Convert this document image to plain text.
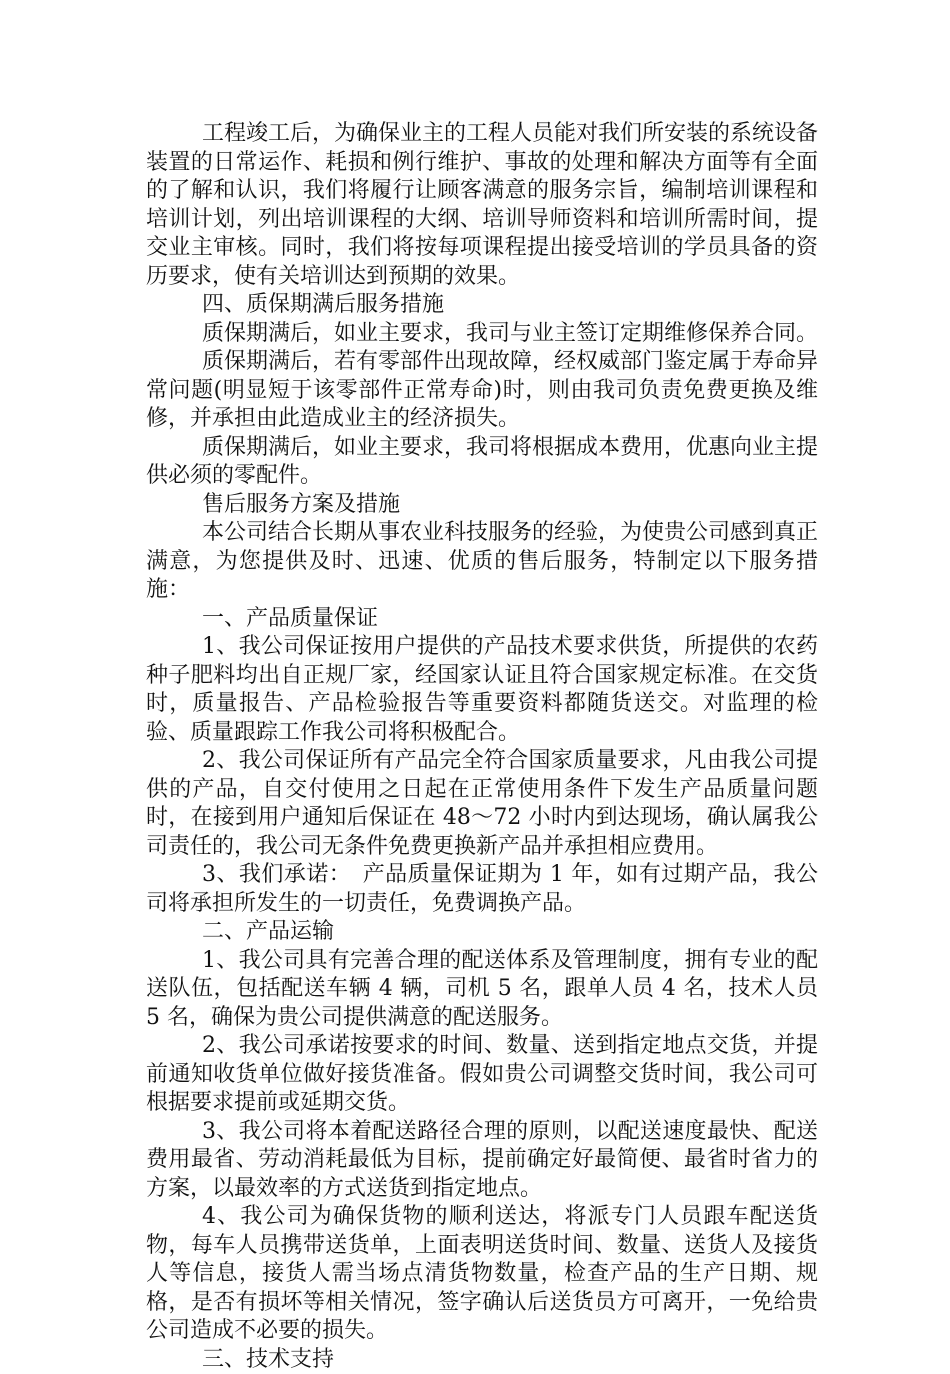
工程竣工后，为确保业主的工程人员能对我们所安装的系统设备装置的日常运作、耗损和例行维护、事故的处理和解决方面等有全面的了解和认识，我们将履行让顾客满意的服务宗旨，编制培训课程和培训计划，列出培训课程的大纲、培训导师资料和培训所需时间，提交业主审核。同时，我们将按每项课程提出接受培训的学员具备的资历要求，使有关培训达到预期的效果。

四、质保期满后服务措施

质保期满后，如业主要求，我司与业主签订定期维修保养合同。

质保期满后，若有零部件出现故障，经权威部门鉴定属于寿命异常问题(明显短于该零部件正常寿命)时，则由我司负责免费更换及维修，并承担由此造成业主的经济损失。

质保期满后，如业主要求，我司将根据成本费用，优惠向业主提供必须的零配件。

售后服务方案及措施

本公司结合长期从事农业科技服务的经验，为使贵公司感到真正满意，为您提供及时、迅速、优质的售后服务，特制定以下服务措施：

一、产品质量保证

1、我公司保证按用户提供的产品技术要求供货，所提供的农药种子肥料均出自正规厂家，经国家认证且符合国家规定标准。在交货时，质量报告、产品检验报告等重要资料都随货送交。对监理的检验、质量跟踪工作我公司将积极配合。

2、我公司保证所有产品完全符合国家质量要求，凡由我公司提供的产品，自交付使用之日起在正常使用条件下发生产品质量问题时，在接到用户通知后保证在 48～72 小时内到达现场，确认属我公司责任的，我公司无条件免费更换新产品并承担相应费用。

3、我们承诺：　产品质量保证期为 1 年，如有过期产品，我公司将承担所发生的一切责任，免费调换产品。

二、产品运输

1、我公司具有完善合理的配送体系及管理制度，拥有专业的配送队伍，包括配送车辆 4 辆，司机 5 名，跟单人员 4 名，技术人员 5 名，确保为贵公司提供满意的配送服务。

2、我公司承诺按要求的时间、数量、送到指定地点交货，并提前通知收货单位做好接货准备。假如贵公司调整交货时间，我公司可根据要求提前或延期交货。

3、我公司将本着配送路径合理的原则，以配送速度最快、配送费用最省、劳动消耗最低为目标，提前确定好最简便、最省时省力的方案，以最效率的方式送货到指定地点。

4、我公司为确保货物的顺利送达，将派专门人员跟车配送货物，每车人员携带送货单，上面表明送货时间、数量、送货人及接货人等信息，接货人需当场点清货物数量，检查产品的生产日期、规格，是否有损坏等相关情况，签字确认后送货员方可离开，一免给贵公司造成不必要的损失。

三、技术支持
